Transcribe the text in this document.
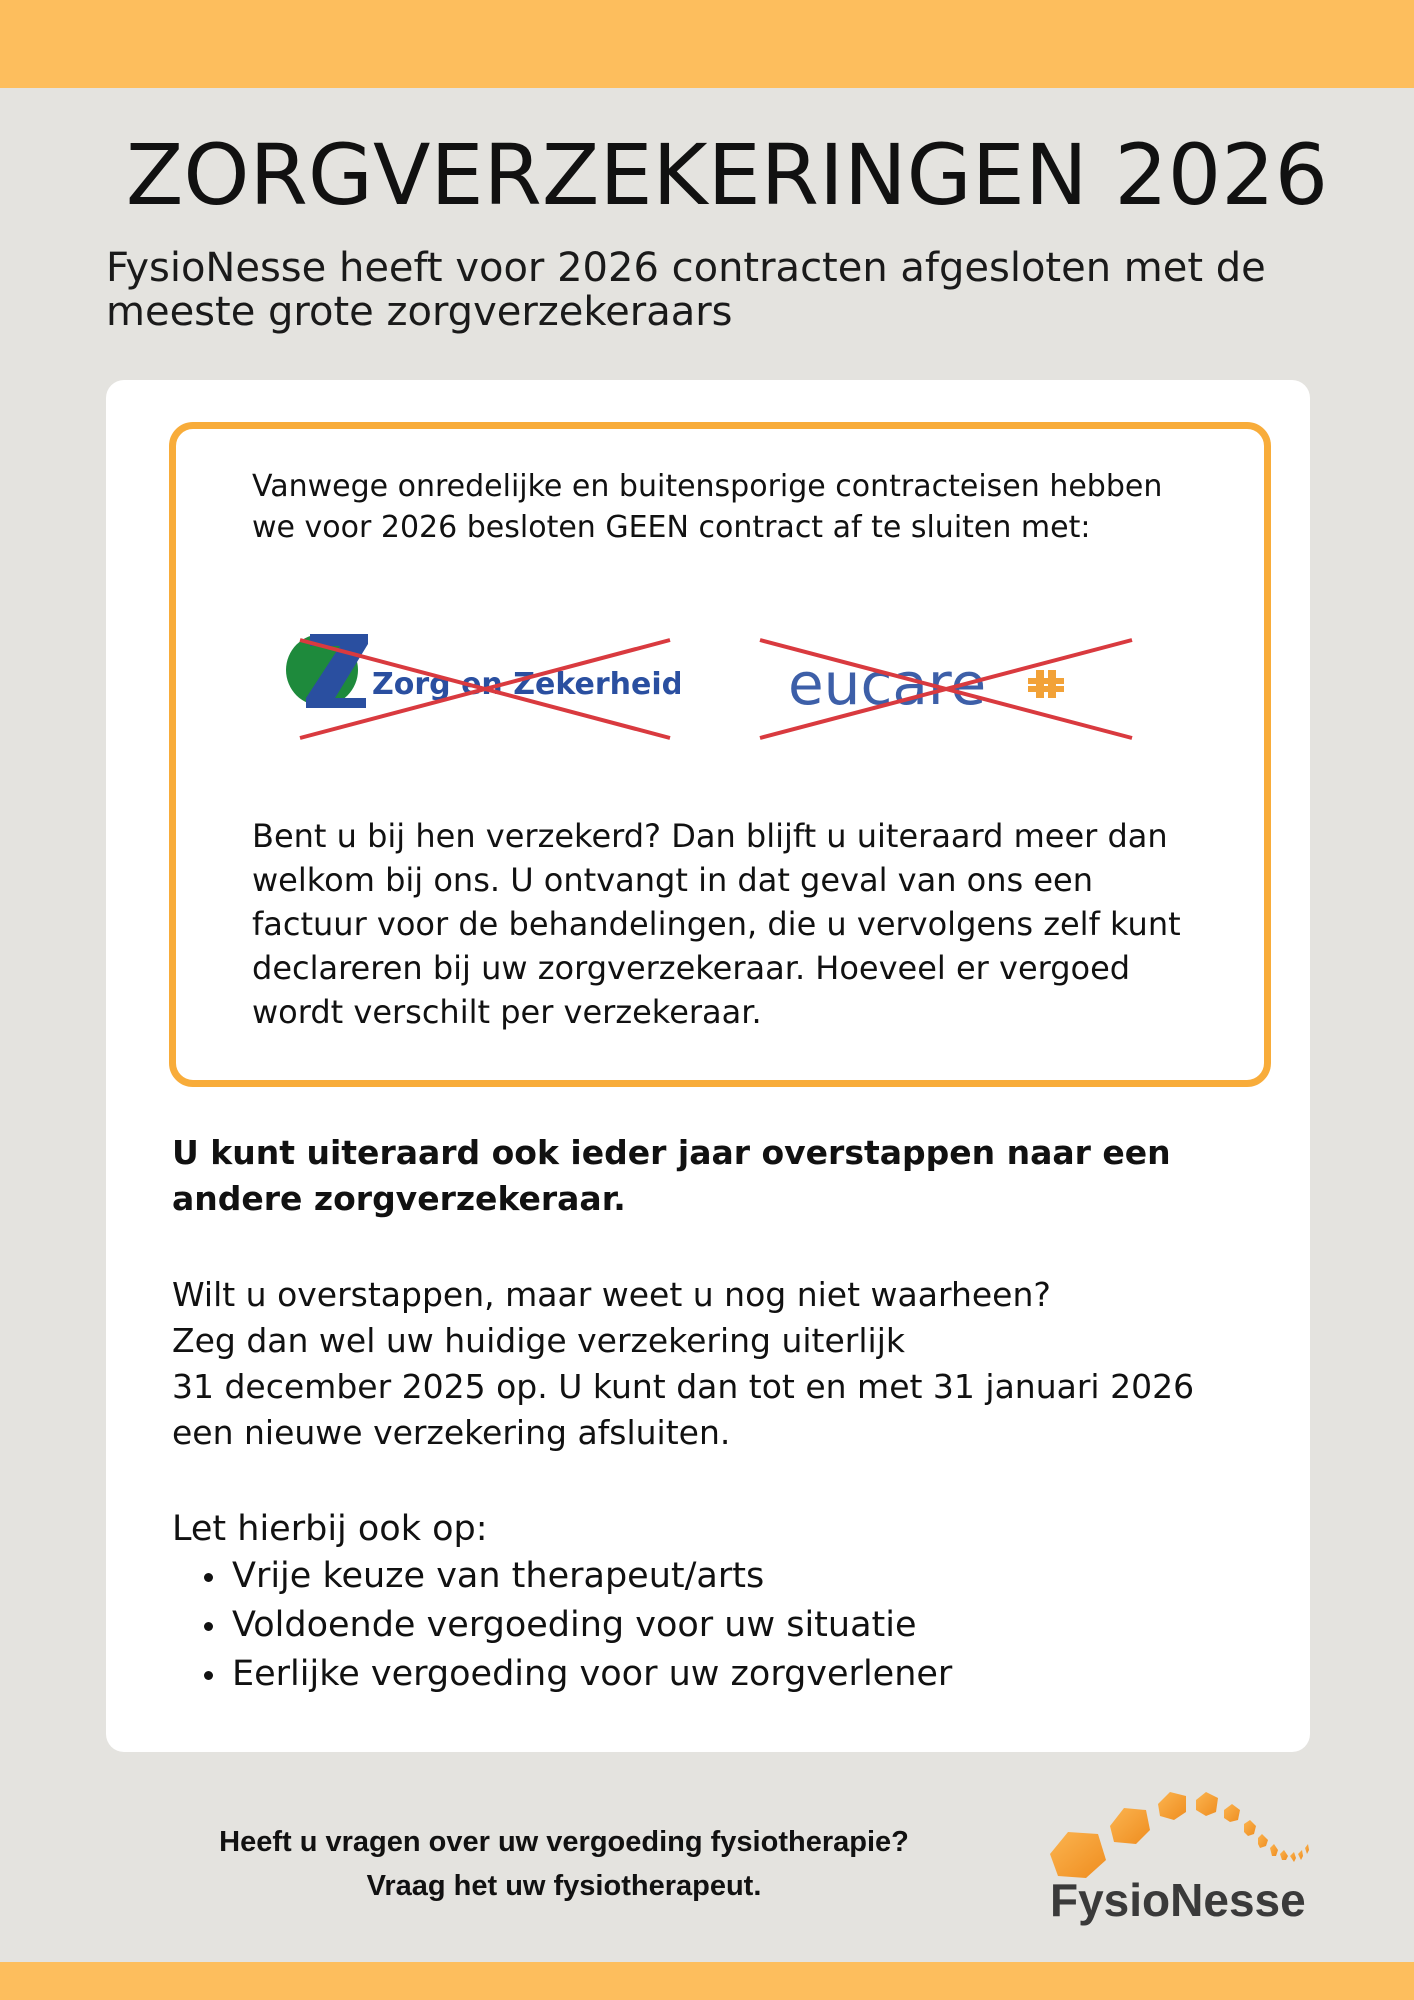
ZORGVERZEKERINGEN 2026

FysioNesse heeft voor 2026 contracten afgesloten met de meeste grote zorgverzekeraars

Vanwege onredelijke en buitensporige contracteisen hebben we voor 2026 besloten GEEN contract af te sluiten met:

Zorg en Zekerheid eucare

Bent u bij hen verzekerd? Dan blijft u uiteraard meer dan welkom bij ons. U ontvangt in dat geval van ons een factuur voor de behandelingen, die u vervolgens zelf kunt declareren bij uw zorgverzekeraar. Hoeveel er vergoed wordt verschilt per verzekeraar.

U kunt uiteraard ook ieder jaar overstappen naar een andere zorgverzekeraar.

Wilt u overstappen, maar weet u nog niet waarheen?
Zeg dan wel uw huidige verzekering uiterlijk
31 december 2025 op. U kunt dan tot en met 31 januari 2026
een nieuwe verzekering afsluiten.

Let hierbij ook op:

Vrije keuze van therapeut/arts
Voldoende vergoeding voor uw situatie
Eerlijke vergoeding voor uw zorgverlener

Heeft u vragen over uw vergoeding fysiotherapie?
Vraag het uw fysiotherapeut.	FysioNesse
